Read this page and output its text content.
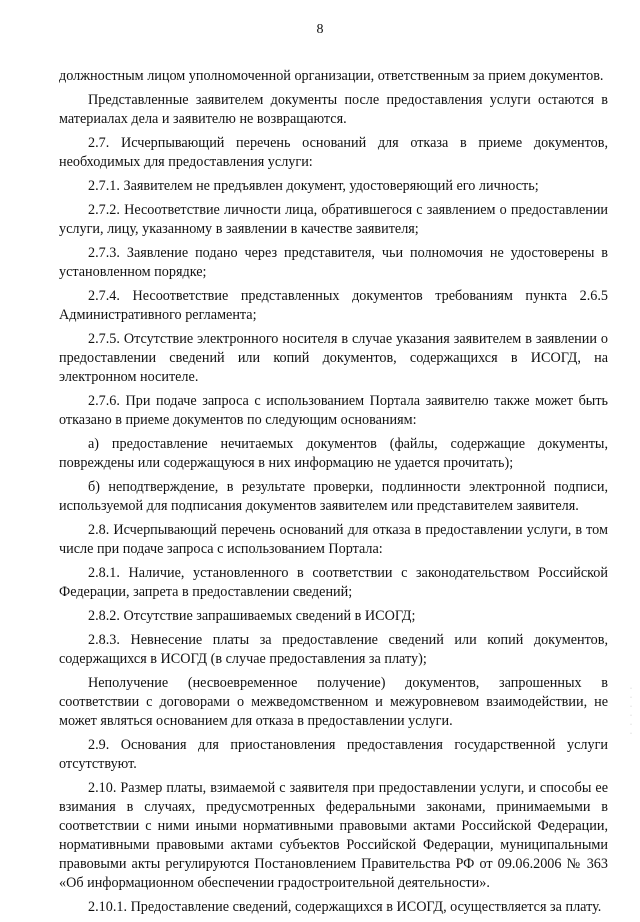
8

должностным лицом уполномоченной организации, ответственным за прием документов.

Представленные заявителем документы после предоставления услуги остаются в материалах дела и заявителю не возвращаются.

2.7. Исчерпывающий перечень оснований для отказа в приеме документов, необходимых для предоставления услуги:

2.7.1. Заявителем не предъявлен документ, удостоверяющий его личность;

2.7.2. Несоответствие личности лица, обратившегося с заявлением о предоставлении услуги, лицу, указанному в заявлении в качестве заявителя;

2.7.3. Заявление подано через представителя, чьи полномочия не удостоверены в установленном порядке;

2.7.4. Несоответствие представленных документов требованиям пункта 2.6.5 Административного регламента;

2.7.5. Отсутствие электронного носителя в случае указания заявителем в заявлении о предоставлении сведений или копий документов, содержащихся в ИСОГД, на электронном носителе.

2.7.6. При подаче запроса с использованием Портала заявителю также может быть отказано в приеме документов по следующим основаниям:

а) предоставление нечитаемых документов (файлы, содержащие документы, повреждены или содержащуюся в них информацию не удается прочитать);

б) неподтверждение, в результате проверки, подлинности электронной подписи, используемой для подписания документов заявителем или представителем заявителя.

2.8. Исчерпывающий перечень оснований для отказа в предоставлении услуги, в том числе при подаче запроса с использованием Портала:

2.8.1. Наличие, установленного в соответствии с законодательством Российской Федерации, запрета в предоставлении сведений;

2.8.2. Отсутствие запрашиваемых сведений в ИСОГД;

2.8.3. Невнесение платы за предоставление сведений или копий документов, содержащихся в ИСОГД (в случае предоставления за плату);

Неполучение (несвоевременное получение) документов, запрошенных в соответствии с договорами о межведомственном и межуровневом взаимодействии, не может являться основанием для отказа в предоставлении услуги.

2.9. Основания для приостановления предоставления государственной услуги отсутствуют.

2.10. Размер платы, взимаемой с заявителя при предоставлении услуги, и способы ее взимания в случаях, предусмотренных федеральными законами, принимаемыми в соответствии с ними иными нормативными правовыми актами Российской Федерации, нормативными правовыми актами субъектов Российской Федерации, муниципальными правовыми акты регулируются Постановлением Правительства РФ от 09.06.2006 № 363 «Об информационном обеспечении градостроительной деятельности».

2.10.1. Предоставление сведений, содержащихся в ИСОГД, осуществляется за плату.

·
·
·
·
·
·
